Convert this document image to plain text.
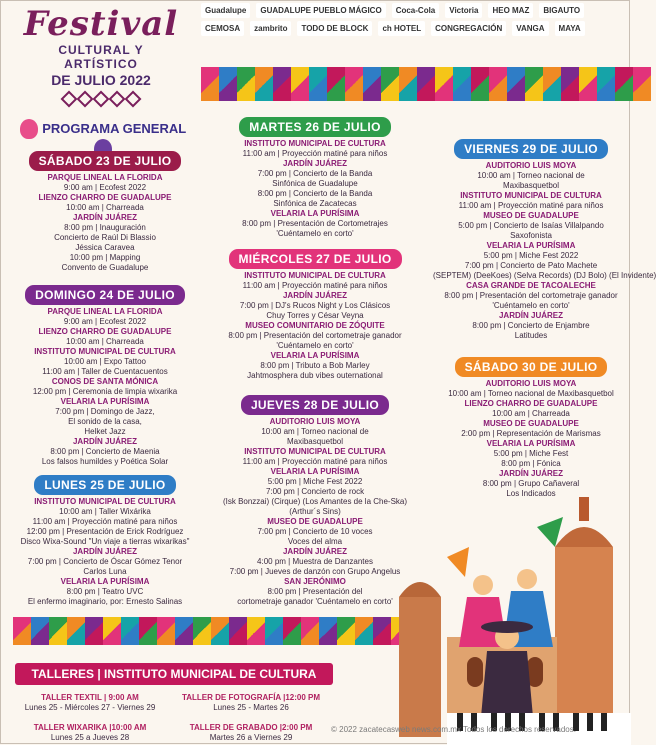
Festival
CULTURAL Y ARTÍSTICO
DE JULIO 2022
Guadalupe	GUADALUPE PUEBLO MÁGICO	Coca-Cola	Victoria	HEO MAZ	BIGAUTO
CEMOSA	zambrito	TODO DE BLOCK	ch HOTEL	CONGREGACIÓN	VANGA	MAYA
PROGRAMA GENERAL
SÁBADO 23 DE JULIO
PARQUE LINEAL LA FLORIDA
9:00 am | Ecofest 2022
LIENZO CHARRO DE GUADALUPE
10:00 am | Charreada
JARDÍN JUÁREZ
8:00 pm | Inauguración
Concierto de Raúl Di Blassio
Jéssica Caravea
10:00 pm | Mapping
Convento de Guadalupe
DOMINGO 24 DE JULIO
PARQUE LINEAL LA FLORIDA
9:00 am | Ecofest 2022
LIENZO CHARRO DE GUADALUPE
10:00 am | Charreada
INSTITUTO MUNICIPAL DE CULTURA
10:00 am | Expo Tattoo
11:00 am | Taller de Cuentacuentos
CONOS DE SANTA MÓNICA
12:00 pm | Ceremonia de limpia wixarika
VELARIA LA PURÍSIMA
7:00 pm | Domingo de Jazz,
El sonido de la casa,
Helket Jazz
JARDÍN JUÁREZ
8:00 pm | Concierto de Maenia
Los falsos humildes y Poética Solar
LUNES 25 DE JULIO
INSTITUTO MUNICIPAL DE CULTURA
10:00 am | Taller Wixárika
11:00 am | Proyección matiné para niños
12:00 pm | Presentación de Erick Rodríguez
Disco Wixa-Sound "Un viaje a tierras wixarikas"
JARDÍN JUÁREZ
7:00 pm | Concierto de Óscar Gómez Tenor
Carlos Luna
VELARIA LA PURÍSIMA
8:00 pm | Teatro UVC
El enfermo imaginario, por: Ernesto Salinas
MARTES 26 DE JULIO
INSTITUTO MUNICIPAL DE CULTURA
11:00 am | Proyección matiné para niños
JARDÍN JUÁREZ
7:00 pm | Concierto de la Banda
Sinfónica de Guadalupe
8:00 pm | Concierto de la Banda
Sinfónica de Zacatecas
VELARIA LA PURÍSIMA
8:00 pm | Presentación de Cortometrajes
'Cuéntamelo en corto'
MIÉRCOLES 27 DE JULIO
INSTITUTO MUNICIPAL DE CULTURA
11:00 am | Proyección matiné para niños
JARDÍN JUÁREZ
7:00 pm | DJ's Rucos Night y Los Clásicos
Chuy Torres y César Veyna
MUSEO COMUNITARIO DE ZÓQUITE
8:00 pm | Presentación del cortometraje ganador
'Cuéntamelo en corto'
VELARIA LA PURÍSIMA
8:00 pm | Tributo a Bob Marley
Jahtmosphera dub vibes outernational
JUEVES 28 DE JULIO
AUDITORIO LUIS MOYA
10:00 am | Torneo nacional de
Maxibasquetbol
INSTITUTO MUNICIPAL DE CULTURA
11:00 am | Proyección matiné para niños
VELARIA LA PURÍSIMA
5:00 pm | Miche Fest 2022
7:00 pm | Concierto de rock
(Isk Bonzzai) (Cirque) (Los Amantes de la Che-Ska)
(Arthur´s Sins)
MUSEO DE GUADALUPE
7:00 pm | Concierto de 10 voces
Voces del alma
JARDÍN JUÁREZ
4:00 pm | Muestra de Danzantes
7:00 pm | Jueves de danzón con Grupo Angelus
SAN JERÓNIMO
8:00 pm | Presentación del
cortometraje ganador 'Cuéntamelo en corto'
VIERNES 29 DE JULIO
AUDITORIO LUIS MOYA
10:00 am | Torneo nacional de
Maxibasquetbol
INSTITUTO MUNICIPAL DE CULTURA
11:00 am | Proyección matiné para niños
MUSEO DE GUADALUPE
5:00 pm | Concierto de Isaías Villalpando
Saxofonista
VELARIA LA PURÍSIMA
5:00 pm | Miche Fest 2022
7:00 pm | Concierto de Pato Machete
(SEPTEM) (DeeKoes) (Selva Records) (DJ Bolo) (El Invidente)
CASA GRANDE DE TACOALECHE
8:00 pm | Presentación del cortometraje ganador
'Cuéntamelo en corto'
JARDÍN JUÁREZ
8:00 pm | Concierto de Enjambre
Latitudes
SÁBADO 30 DE JULIO
AUDITORIO LUIS MOYA
10:00 am | Torneo nacional de Maxibasquetbol
LIENZO CHARRO DE GUADALUPE
10:00 am | Charreada
MUSEO DE GUADALUPE
2:00 pm | Representación de Marismas
VELARIA LA PURÍSIMA
5:00 pm | Miche Fest
8:00 pm | Fónica
JARDÍN JUÁREZ
8:00 pm | Grupo Cañaveral
Los Indicados
TALLERES | INSTITUTO MUNICIPAL DE CULTURA
TALLER TEXTIL | 9:00 AM
Lunes 25 - Miércoles 27 - Viernes 29
TALLER DE FOTOGRAFÍA |12:00 PM
Lunes 25 - Martes 26
TALLER WIXARIKA |10:00 AM
Lunes 25 a Jueves 28
TALLER DE GRABADO |2:00 PM
Martes 26 a Viernes 29
© 2022 zacatecasweb news.com.mx Todos los derechos reservados.
